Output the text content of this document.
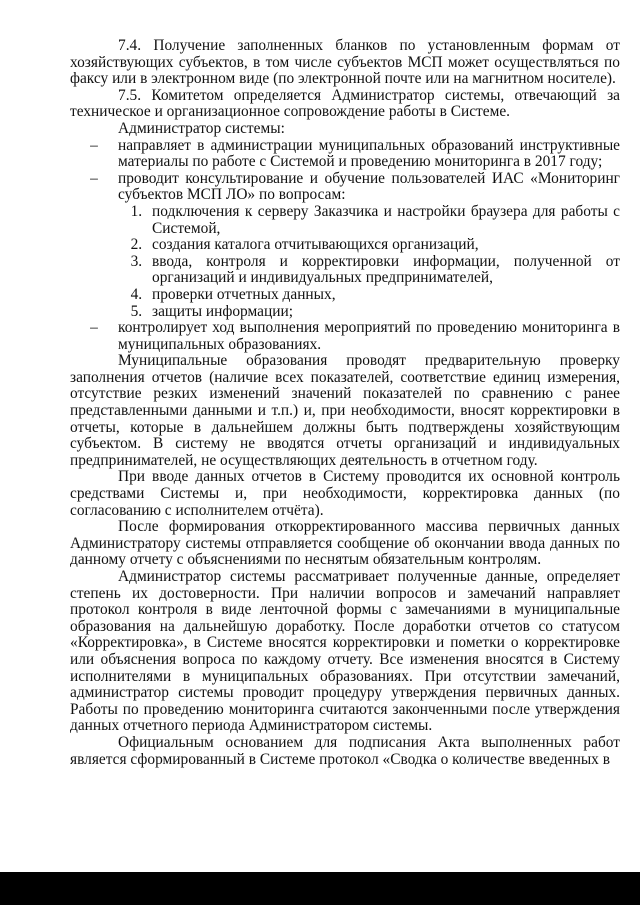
7.4. Получение заполненных бланков по установленным формам от хозяйствующих субъектов, в том числе субъектов МСП может осуществляться по факсу или в электронном виде (по электронной почте или на магнитном носителе).

7.5. Комитетом определяется Администратор системы, отвечающий за техническое и организационное сопровождение работы в Системе.

Администратор системы:

–	направляет в администрации муниципальных образований инструктивные материалы по работе с Системой и проведению мониторинга в 2017 году;
–	проводит консультирование и обучение пользователей ИАС «Мониторинг субъектов МСП ЛО» по вопросам:
1. подключения к серверу Заказчика и настройки браузера для работы с Системой,
2. создания каталога отчитывающихся организаций,
3. ввода, контроля и корректировки информации, полученной от организаций и индивидуальных предпринимателей,
4. проверки отчетных данных,
5. защиты информации;
–	контролирует ход выполнения мероприятий по проведению мониторинга в муниципальных образованиях.

Муниципальные образования проводят предварительную проверку заполнения отчетов (наличие всех показателей, соответствие единиц измерения, отсутствие резких изменений значений показателей по сравнению с ранее представленными данными и т.п.) и, при необходимости, вносят корректировки в отчеты, которые в дальнейшем должны быть подтверждены хозяйствующим субъектом. В систему не вводятся отчеты организаций и индивидуальных предпринимателей, не осуществляющих деятельность в отчетном году.

При вводе данных отчетов в Систему проводится их основной контроль средствами Системы и, при необходимости, корректировка данных (по согласованию с исполнителем отчёта).

После формирования откорректированного массива первичных данных Администратору системы отправляется сообщение об окончании ввода данных по данному отчету с объяснениями по неснятым обязательным контролям.

Администратор системы рассматривает полученные данные, определяет степень их достоверности. При наличии вопросов и замечаний направляет протокол контроля в виде ленточной формы с замечаниями в муниципальные образования на дальнейшую доработку. После доработки отчетов со статусом «Корректировка», в Системе вносятся корректировки и пометки о корректировке или объяснения вопроса по каждому отчету. Все изменения вносятся в Систему исполнителями в муниципальных образованиях. При отсутствии замечаний, администратор системы проводит процедуру утверждения первичных данных. Работы по проведению мониторинга считаются законченными после утверждения данных отчетного периода Администратором системы.

Официальным основанием для подписания Акта выполненных работ является сформированный в Системе протокол «Сводка о количестве введенных в
